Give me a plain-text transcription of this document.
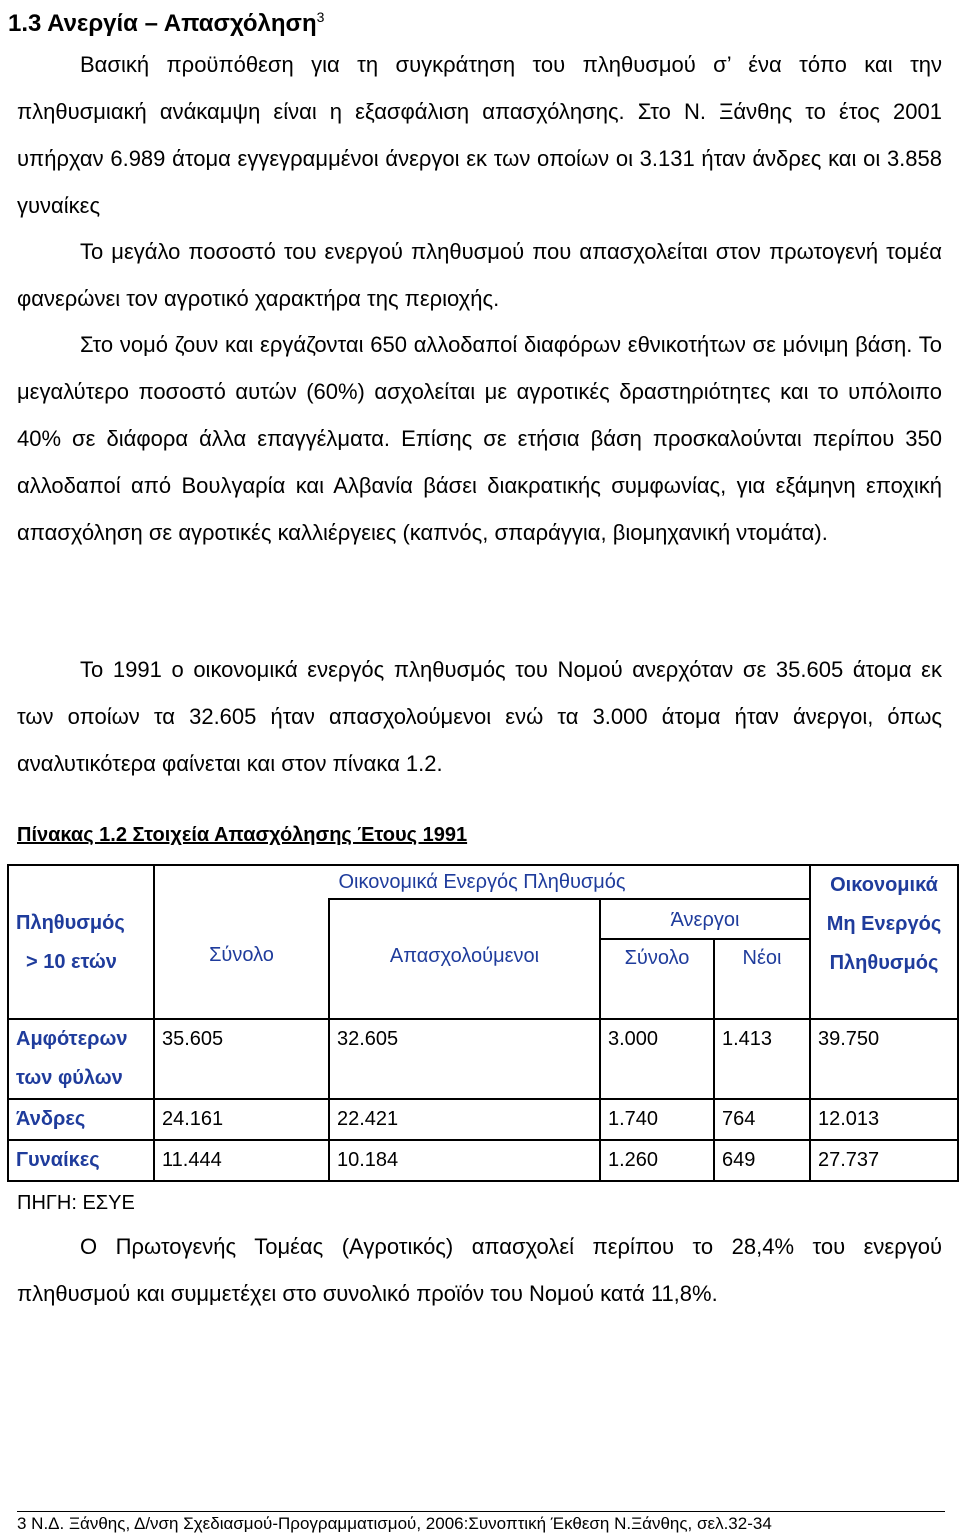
1.3 Ανεργία – Απασχόληση$^3$
Βασική προϋπόθεση για τη συγκράτηση του πληθυσμού σ’ ένα τόπο και την πληθυσμιακή ανάκαμψη είναι η εξασφάλιση απασχόλησης. Στο Ν. Ξάνθης το έτος 2001 υπήρχαν 6.989 άτομα εγγεγραμμένοι άνεργοι εκ των οποίων οι 3.131 ήταν άνδρες και οι 3.858 γυναίκες
Το μεγάλο ποσοστό του ενεργού πληθυσμού που απασχολείται στον πρωτογενή τομέα φανερώνει τον αγροτικό χαρακτήρα της περιοχής.
Στο νομό ζουν και εργάζονται 650 αλλοδαποί διαφόρων εθνικοτήτων σε μόνιμη βάση. Το μεγαλύτερο ποσοστό αυτών (60%) ασχολείται με αγροτικές δραστηριότητες και το υπόλοιπο 40% σε διάφορα άλλα επαγγέλματα. Επίσης σε ετήσια βάση προσκαλούνται περίπου 350 αλλοδαποί από Βουλγαρία και Αλβανία βάσει διακρατικής συμφωνίας, για εξάμηνη εποχική απασχόληση σε αγροτικές καλλιέργειες (καπνός, σπαράγγια, βιομηχανική ντομάτα).
Το 1991 ο οικονομικά ενεργός πληθυσμός του Νομού ανερχόταν σε 35.605 άτομα εκ των οποίων τα 32.605 ήταν απασχολούμενοι ενώ τα 3.000 άτομα ήταν άνεργοι, όπως αναλυτικότερα φαίνεται και στον πίνακα 1.2.
Πίνακας 1.2 Στοιχεία Απασχόλησης Έτους 1991
Πληθυσμός
> 10 ετών	Οικονομικά Ενεργός Πληθυσμός				Οικονομικά Μη Ενεργός Πληθυσμός
	Σύνολο	Απασχολούμενοι	Άνεργοι		
			Σύνολο	Νέοι	
Αμφότερων των φύλων	35.605	32.605	3.000	1.413	39.750
Άνδρες	24.161	22.421	1.740	764	12.013
Γυναίκες	11.444	10.184	1.260	649	27.737
ΠΗΓΗ: ΕΣΥΕ
Ο Πρωτογενής Τομέας (Αγροτικός) απασχολεί περίπου το 28,4% του ενεργού πληθυσμού και συμμετέχει στο συνολικό προϊόν του Νομού κατά 11,8%.
3 Ν.Δ. Ξάνθης, Δ/νση Σχεδιασμού-Προγραμματισμού, 2006:Συνοπτική Έκθεση Ν.Ξάνθης, σελ.32-34
